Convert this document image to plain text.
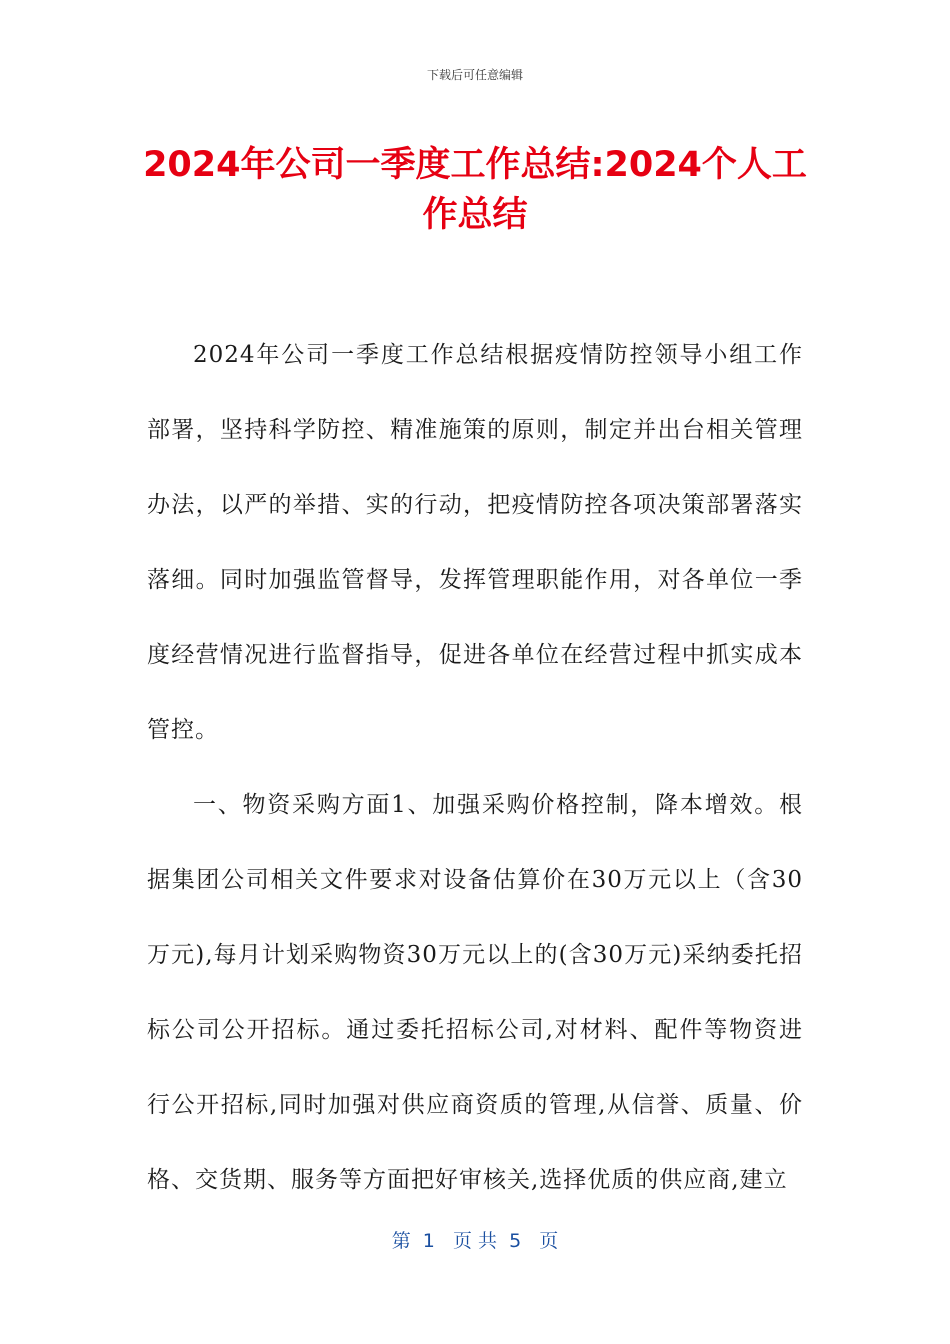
下载后可任意编辑
2024年公司一季度工作总结:2024个人工作总结

2024年公司一季度工作总结根据疫情防控领导小组工作部署，坚持科学防控、精准施策的原则，制定并出台相关管理办法，以严的举措、实的行动，把疫情防控各项决策部署落实落细。同时加强监管督导，发挥管理职能作用，对各单位一季度经营情况进行监督指导，促进各单位在经营过程中抓实成本管控。

一、物资采购方面1、加强采购价格控制，降本增效。根据集团公司相关文件要求对设备估算价在30万元以上（含30万元),每月计划采购物资30万元以上的(含30万元)采纳委托招标公司公开招标。通过委托招标公司,对材料、配件等物资进行公开招标,同时加强对供应商资质的管理,从信誉、质量、价格、交货期、服务等方面把好审核关,选择优质的供应商,建立

第  1   页 共  5   页
